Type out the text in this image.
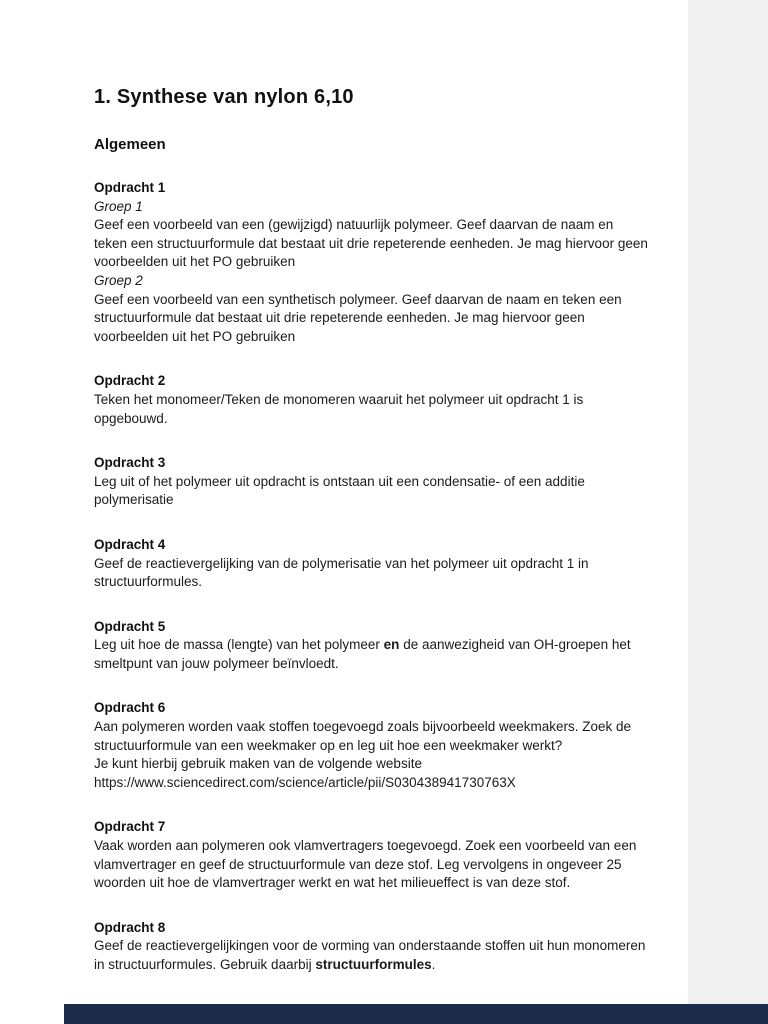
1. Synthese van nylon 6,10
Algemeen
Opdracht 1

Groep 1

Geef een voorbeeld van een (gewijzigd) natuurlijk polymeer. Geef daarvan de naam en teken een structuurformule dat bestaat uit drie repeterende eenheden. Je mag hiervoor geen voorbeelden uit het PO gebruiken

Groep 2

Geef een voorbeeld van een synthetisch polymeer. Geef daarvan de naam en teken een structuurformule dat bestaat uit drie repeterende eenheden. Je mag hiervoor geen voorbeelden uit het PO gebruiken

Opdracht 2

Teken het monomeer/Teken de monomeren waaruit het polymeer uit opdracht 1 is opgebouwd.

Opdracht 3

Leg uit of het polymeer uit opdracht is ontstaan uit een condensatie- of een additie polymerisatie

Opdracht 4

Geef de reactievergelijking van de polymerisatie van het polymeer uit opdracht 1 in structuurformules.

Opdracht 5

Leg uit hoe de massa (lengte) van het polymeer en de aanwezigheid van OH-groepen het smeltpunt van jouw polymeer beïnvloedt.

Opdracht 6

Aan polymeren worden vaak stoffen toegevoegd zoals bijvoorbeeld weekmakers. Zoek de structuurformule van een weekmaker op en leg uit hoe een weekmaker werkt?

Je kunt hierbij gebruik maken van de volgende website

https://www.sciencedirect.com/science/article/pii/S030438941730763X

Opdracht 7

Vaak worden aan polymeren ook vlamvertragers toegevoegd. Zoek een voorbeeld van een vlamvertrager en geef de structuurformule van deze stof. Leg vervolgens in ongeveer 25 woorden uit hoe de vlamvertrager werkt en wat het milieueffect is van deze stof.

Opdracht 8

Geef de reactievergelijkingen voor de vorming van onderstaande stoffen uit hun monomeren in structuurformules. Gebruik daarbij structuurformules.
